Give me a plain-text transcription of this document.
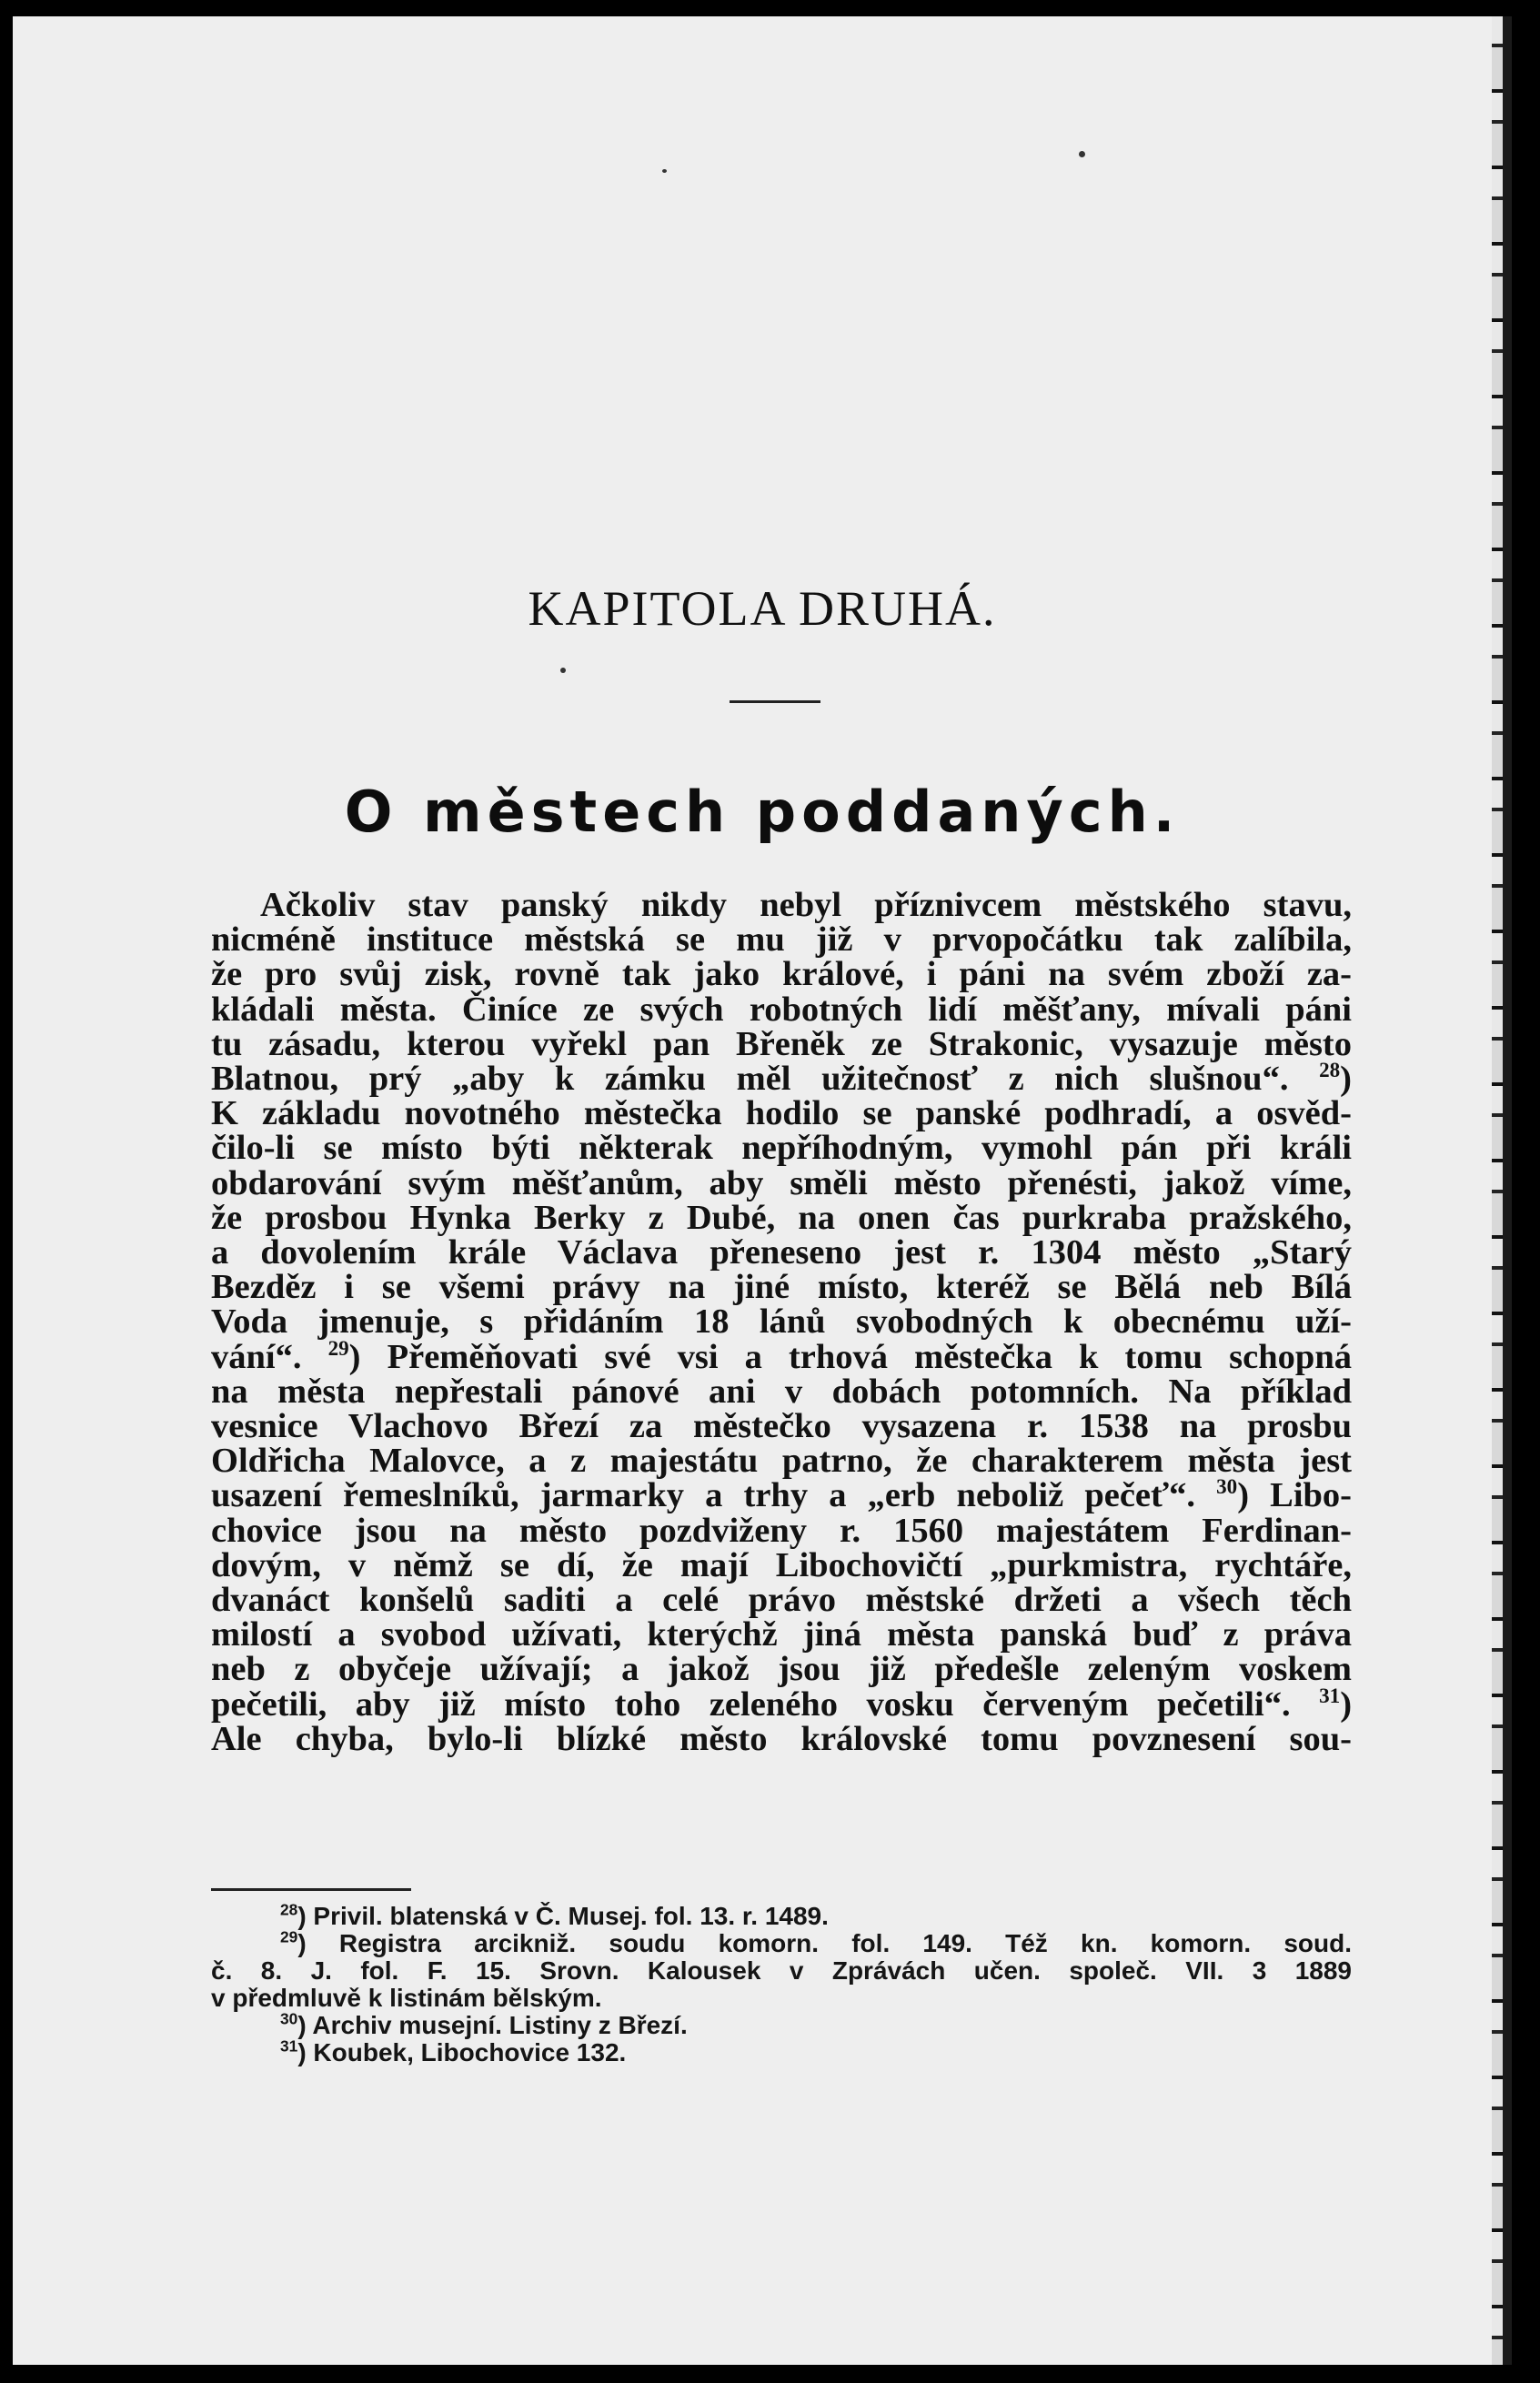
KAPITOLA DRUHÁ.
O městech poddaných.
Ačkoliv stav panský nikdy nebyl příznivcem městského stavu,
nicméně instituce městská se mu již v prvopočátku tak zalíbila,
že pro svůj zisk, rovně tak jako králové, i páni na svém zboží za-
kládali města. Činíce ze svých robotných lidí měšťany, mívali páni
tu zásadu, kterou vyřekl pan Břeněk ze Strakonic, vysazuje město
Blatnou, prý „aby k zámku měl užitečnosť z nich slušnou“. $^{28}$)
K základu novotného městečka hodilo se panské podhradí, a osvěd-
čilo-li se místo býti některak nepříhodným, vymohl pán při králi
obdarování svým měšťanům, aby směli město přenésti, jakož víme,
že prosbou Hynka Berky z Dubé, na onen čas purkraba pražského,
a dovolením krále Václava přeneseno jest r. 1304 město „Starý
Bezděz i se všemi právy na jiné místo, kteréž se Bělá neb Bílá
Voda jmenuje, s přidáním 18 lánů svobodných k obecnému uží-
vání“. $^{29}$) Přeměňovati své vsi a trhová městečka k tomu schopná
na města nepřestali pánové ani v dobách potomních. Na příklad
vesnice Vlachovo Březí za městečko vysazena r. 1538 na prosbu
Oldřicha Malovce, a z majestátu patrno, že charakterem města jest
usazení řemeslníků, jarmarky a trhy a „erb neboliž pečeť“. $^{30}$) Libo-
chovice jsou na město pozdviženy r. 1560 majestátem Ferdinan-
dovým, v němž se dí, že mají Libochovičtí „purkmistra, rychtáře,
dvanáct konšelů saditi a celé právo městské držeti a všech těch
milostí a svobod užívati, kterýchž jiná města panská buď z práva
neb z obyčeje užívají; a jakož jsou již předešle zeleným voskem
pečetili, aby již místo toho zeleného vosku červeným pečetili“. $^{31}$)
Ale chyba, bylo-li blízké město královské tomu povznesení sou-
$^{28}$) Privil. blatenská v Č. Musej. fol. 13. r. 1489.
$^{29}$) Registra arcikniž. soudu komorn. fol. 149. Též kn. komorn. soud.
č. 8. J. fol. F. 15. Srovn. Kalousek v Zprávách učen. společ. VII. 3 1889
v předmluvě k listinám bělským.
$^{30}$) Archiv musejní. Listiny z Březí.
$^{31}$) Koubek, Libochovice 132.
